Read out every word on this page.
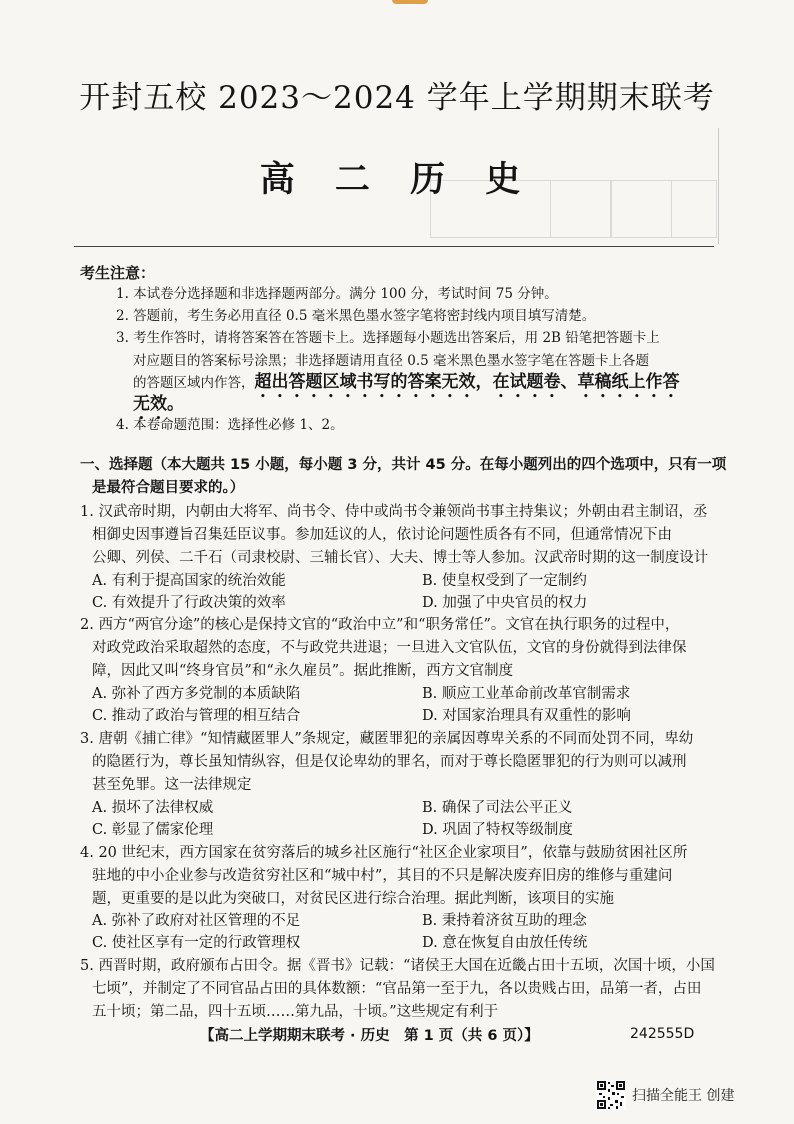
开封五校 2023～2024 学年上学期期末联考
高 二 历 史
考生注意：
1. 本试卷分选择题和非选择题两部分。满分 100 分，考试时间 75 分钟。
2. 答题前，考生务必用直径 0.5 毫米黑色墨水签字笔将密封线内项目填写清楚。
3. 考生作答时，请将答案答在答题卡上。选择题每小题选出答案后，用 2B 铅笔把答题卡上
对应题目的答案标号涂黑；非选择题请用直径 0.5 毫米黑色墨水签字笔在答题卡上各题
的答题区域内作答，超出答题区域书写的答案无效，在试题卷、草稿纸上作答
无效。
4. 本卷命题范围：选择性必修 1、2。
一、选择题（本大题共 15 小题，每小题 3 分，共计 45 分。在每小题列出的四个选项中，只有一项
是最符合题目要求的。）
1. 汉武帝时期，内朝由大将军、尚书令、侍中或尚书令兼领尚书事主持集议；外朝由君主制诏，丞
相御史因事遵旨召集廷臣议事。参加廷议的人，依讨论问题性质各有不同，但通常情况下由
公卿、列侯、二千石（司隶校尉、三辅长官）、大夫、博士等人参加。汉武帝时期的这一制度设计
A. 有利于提高国家的统治效能	B. 使皇权受到了一定制约
C. 有效提升了行政决策的效率	D. 加强了中央官员的权力
2. 西方“两官分途”的核心是保持文官的“政治中立”和“职务常任”。文官在执行职务的过程中，
对政党政治采取超然的态度，不与政党共进退；一旦进入文官队伍，文官的身份就得到法律保
障，因此又叫“终身官员”和“永久雇员”。据此推断，西方文官制度
A. 弥补了西方多党制的本质缺陷	B. 顺应工业革命前改革官制需求
C. 推动了政治与管理的相互结合	D. 对国家治理具有双重性的影响
3. 唐朝《捕亡律》“知情藏匿罪人”条规定，藏匿罪犯的亲属因尊卑关系的不同而处罚不同，卑幼
的隐匿行为，尊长虽知情纵容，但是仅论卑幼的罪名，而对于尊长隐匿罪犯的行为则可以减刑
甚至免罪。这一法律规定
A. 损坏了法律权威	B. 确保了司法公平正义
C. 彰显了儒家伦理	D. 巩固了特权等级制度
4. 20 世纪末，西方国家在贫穷落后的城乡社区施行“社区企业家项目”，依靠与鼓励贫困社区所
驻地的中小企业参与改造贫穷社区和“城中村”，其目的不只是解决废弃旧房的维修与重建问
题，更重要的是以此为突破口，对贫民区进行综合治理。据此判断，该项目的实施
A. 弥补了政府对社区管理的不足	B. 秉持着济贫互助的理念
C. 使社区享有一定的行政管理权	D. 意在恢复自由放任传统
5. 西晋时期，政府颁布占田令。据《晋书》记载：“诸侯王大国在近畿占田十五顷，次国十顷，小国
七顷”，并制定了不同官品占田的具体数额：“官品第一至于九，各以贵贱占田，品第一者，占田
五十顷；第二品，四十五顷……第九品，十顷。”这些规定有利于
【高二上学期期末联考 · 历史　第 1 页（共 6 页）】	242555D
扫描全能王 创建
